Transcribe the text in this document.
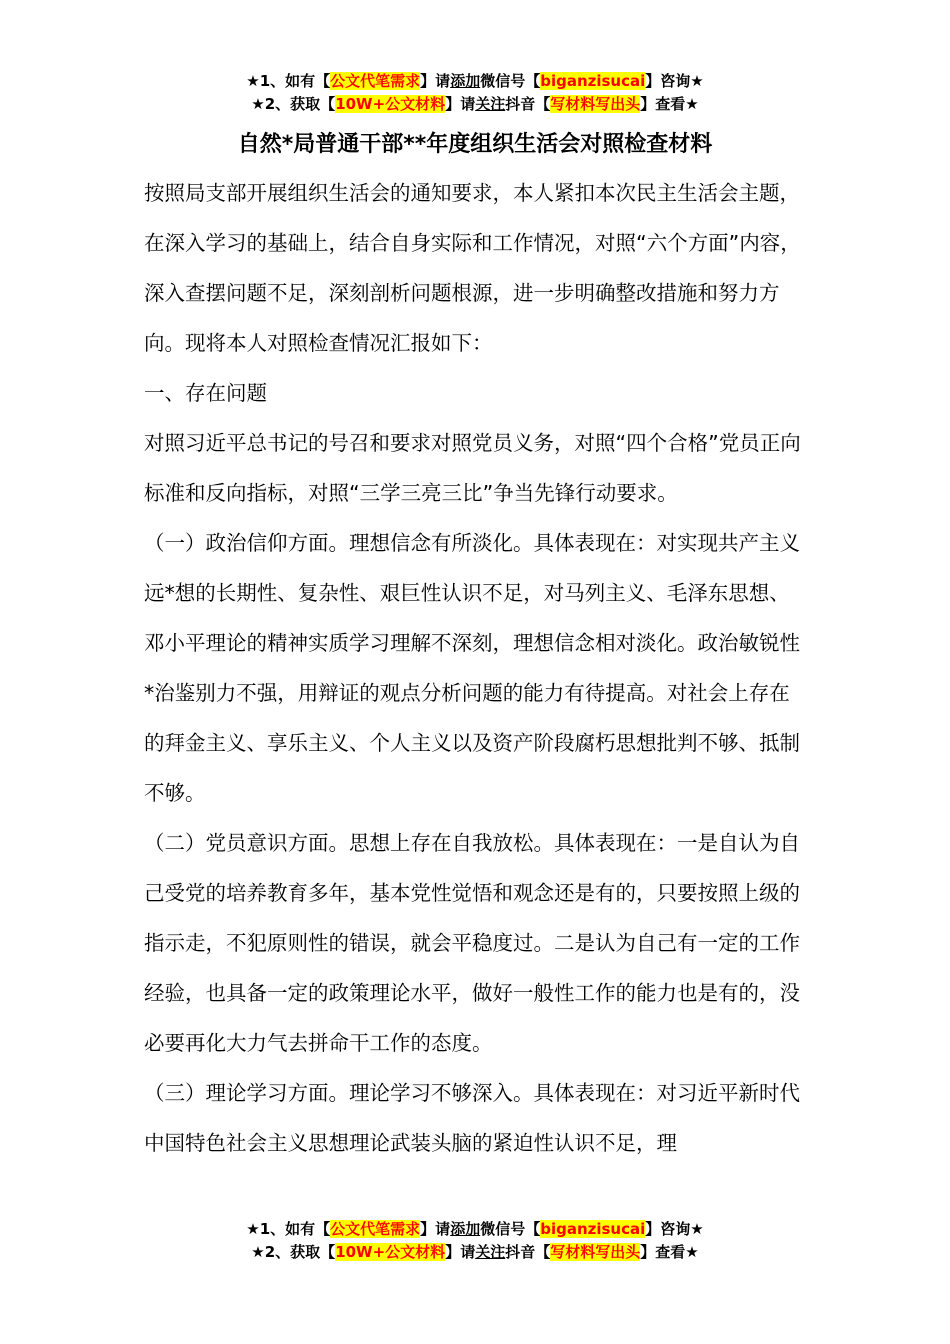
★1、如有【公文代笔需求】请添加微信号【biganzisucai】咨询★
★2、获取【10W+公文材料】请关注抖音【写材料写出头】查看★
自然*局普通干部**年度组织生活会对照检查材料

按照局支部开展组织生活会的通知要求，本人紧扣本次民主生活会主题，在深入学习的基础上，结合自身实际和工作情况，对照“六个方面”内容，深入查摆问题不足，深刻剖析问题根源，进一步明确整改措施和努力方向。现将本人对照检查情况汇报如下：

一、存在问题

对照习近平总书记的号召和要求对照党员义务，对照“四个合格”党员正向标准和反向指标，对照“三学三亮三比”争当先锋行动要求。

（一）政治信仰方面。理想信念有所淡化。具体表现在：对实现共产主义远*想的长期性、复杂性、艰巨性认识不足，对马列主义、毛泽东思想、邓小平理论的精神实质学习理解不深刻，理想信念相对淡化。政治敏锐性*治鉴别力不强，用辩证的观点分析问题的能力有待提高。对社会上存在的拜金主义、享乐主义、个人主义以及资产阶段腐朽思想批判不够、抵制不够。

（二）党员意识方面。思想上存在自我放松。具体表现在：一是自认为自己受党的培养教育多年，基本党性觉悟和观念还是有的，只要按照上级的指示走，不犯原则性的错误，就会平稳度过。二是认为自己有一定的工作经验，也具备一定的政策理论水平，做好一般性工作的能力也是有的，没必要再化大力气去拼命干工作的态度。

（三）理论学习方面。理论学习不够深入。具体表现在：对习近平新时代中国特色社会主义思想理论武装头脑的紧迫性认识不足，理

★1、如有【公文代笔需求】请添加微信号【biganzisucai】咨询★
★2、获取【10W+公文材料】请关注抖音【写材料写出头】查看★
